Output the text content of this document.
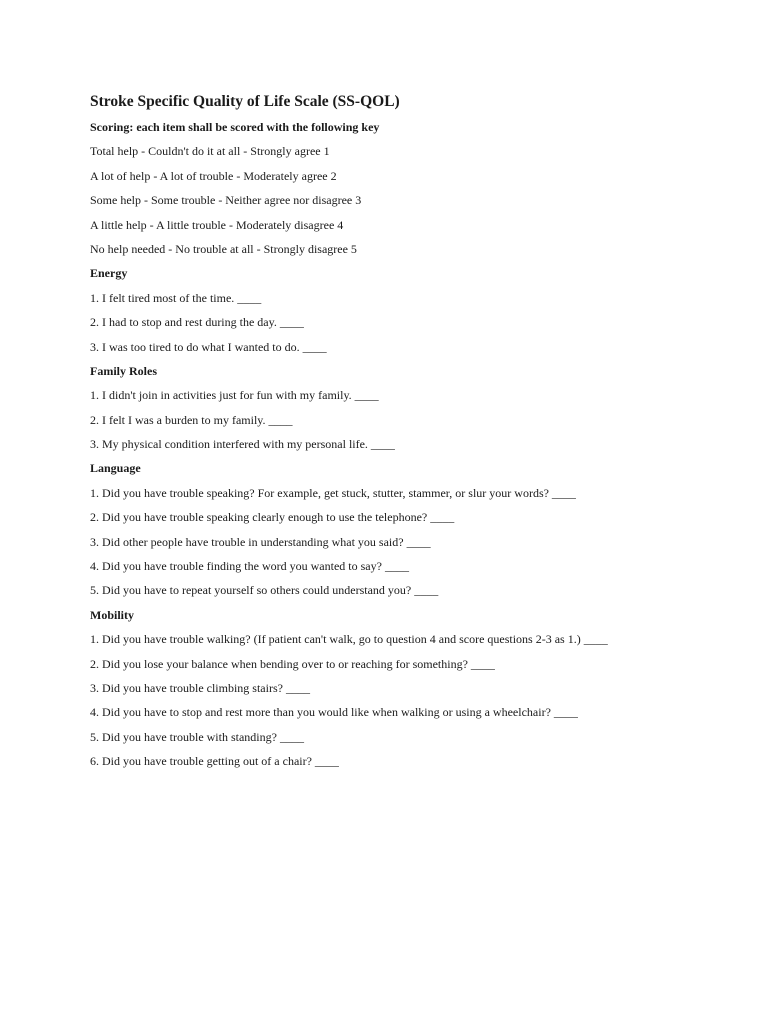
Stroke Specific Quality of Life Scale (SS-QOL)
Scoring: each item shall be scored with the following key
Total help - Couldn't do it at all - Strongly agree 1
A lot of help - A lot of trouble - Moderately agree 2
Some help - Some trouble - Neither agree nor disagree 3
A little help - A little trouble - Moderately disagree 4
No help needed - No trouble at all - Strongly disagree 5
Energy
1. I felt tired most of the time. ____
2. I had to stop and rest during the day. ____
3. I was too tired to do what I wanted to do. ____
Family Roles
1. I didn't join in activities just for fun with my family. ____
2. I felt I was a burden to my family. ____
3. My physical condition interfered with my personal life. ____
Language
1. Did you have trouble speaking? For example, get stuck, stutter, stammer, or slur your words? ____
2. Did you have trouble speaking clearly enough to use the telephone? ____
3. Did other people have trouble in understanding what you said? ____
4. Did you have trouble finding the word you wanted to say? ____
5. Did you have to repeat yourself so others could understand you? ____
Mobility
1. Did you have trouble walking? (If patient can't walk, go to question 4 and score questions 2-3 as 1.) ____
2. Did you lose your balance when bending over to or reaching for something? ____
3. Did you have trouble climbing stairs? ____
4. Did you have to stop and rest more than you would like when walking or using a wheelchair? ____
5. Did you have trouble with standing? ____
6. Did you have trouble getting out of a chair? ____
